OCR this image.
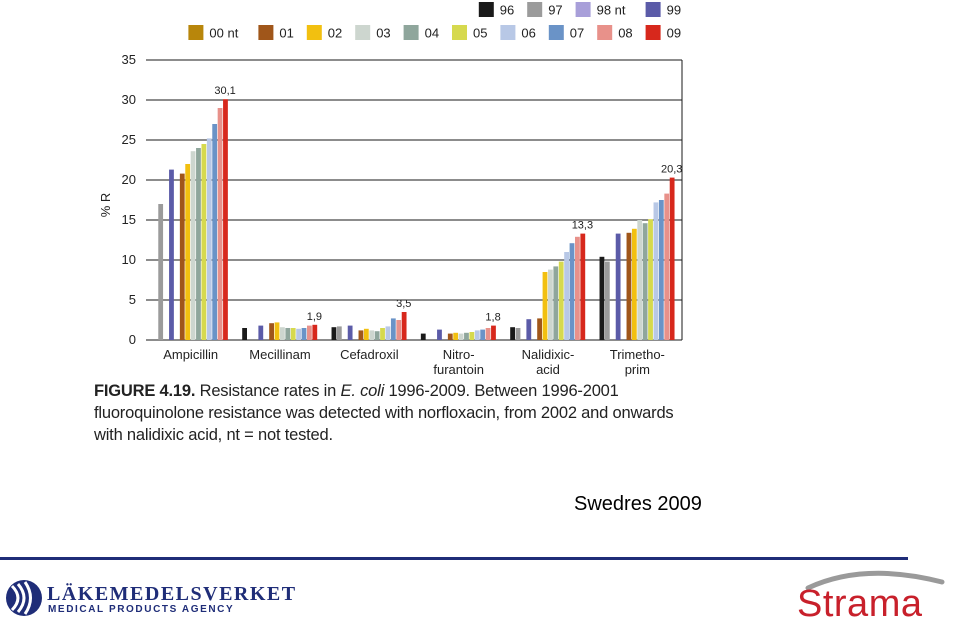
0
5
10
15
20
25
30
35
Ampicillin Mecillinam Cefadroxil	Nitro-
furantoin
Nalidixic-
acid
Trimetho-
prim
30,1
1,9
3,5
1,8
13,3
20,3
96	97	98 nt	99
00 nt	01	02	03	04	05	06	07	08	09
% R
FIGURE 4.19. Resistance rates in E. coli 1996-2009. Between 1996-2001 fluoroquinolone resistance was detected with norfloxacin, from 2002 and onwards with nalidixic acid, nt = not tested.
Swedres 2009
LÄKEMEDELSVERKET
MEDICAL PRODUCTS AGENCY	Strama
